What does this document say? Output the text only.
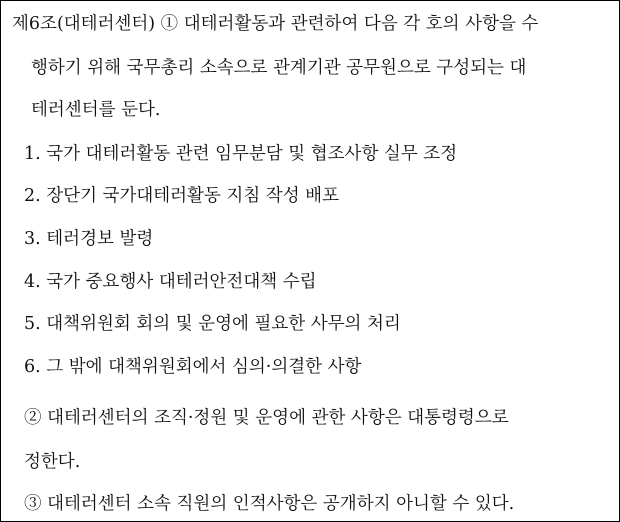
제6조(대테러센터) ① 대테러활동과 관련하여 다음 각 호의 사항을 수
행하기 위해 국무총리 소속으로 관계기관 공무원으로 구성되는 대
테러센터를 둔다.
1. 국가 대테러활동 관련 임무분담 및 협조사항 실무 조정
2. 장단기 국가대테러활동 지침 작성 배포
3. 테러경보 발령
4. 국가 중요행사 대테러안전대책 수립
5. 대책위원회 회의 및 운영에 필요한 사무의 처리
6. 그 밖에 대책위원회에서 심의·의결한 사항
② 대테러센터의 조직·정원 및 운영에 관한 사항은 대통령령으로
정한다.
③ 대테러센터 소속 직원의 인적사항은 공개하지 아니할 수 있다.
